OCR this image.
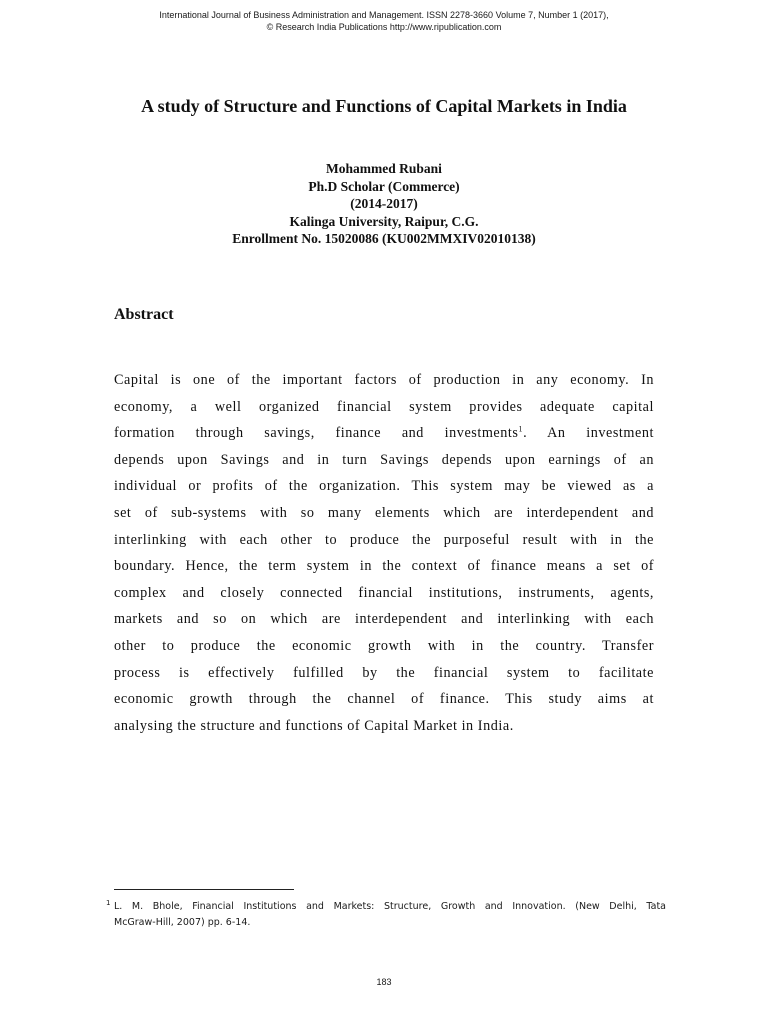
International Journal of Business Administration and Management. ISSN 2278-3660 Volume 7, Number 1 (2017),
© Research India Publications http://www.ripublication.com
A study of Structure and Functions of Capital Markets in India
Mohammed Rubani
Ph.D Scholar (Commerce)
(2014-2017)
Kalinga University, Raipur, C.G.
Enrollment No. 15020086 (KU002MMXIV02010138)
Abstract
Capital is one of the important factors of production in any economy. In
economy, a well organized financial system provides adequate capital
formation through savings, finance and investments$^1$. An investment
depends upon Savings and in turn Savings depends upon earnings of an
individual or profits of the organization. This system may be viewed as a
set of sub-systems with so many elements which are interdependent and
interlinking with each other to produce the purposeful result with in the
boundary. Hence, the term system in the context of finance means a set of
complex and closely connected financial institutions, instruments, agents,
markets and so on which are interdependent and interlinking with each
other to produce the economic growth with in the country. Transfer
process is effectively fulfilled by the financial system to facilitate
economic growth through the channel of finance. This study aims at
analysing the structure and functions of Capital Market in India.
1 L. M. Bhole, Financial Institutions and Markets: Structure, Growth and Innovation. (New Delhi, Tata
McGraw-Hill, 2007) pp. 6-14.
183
